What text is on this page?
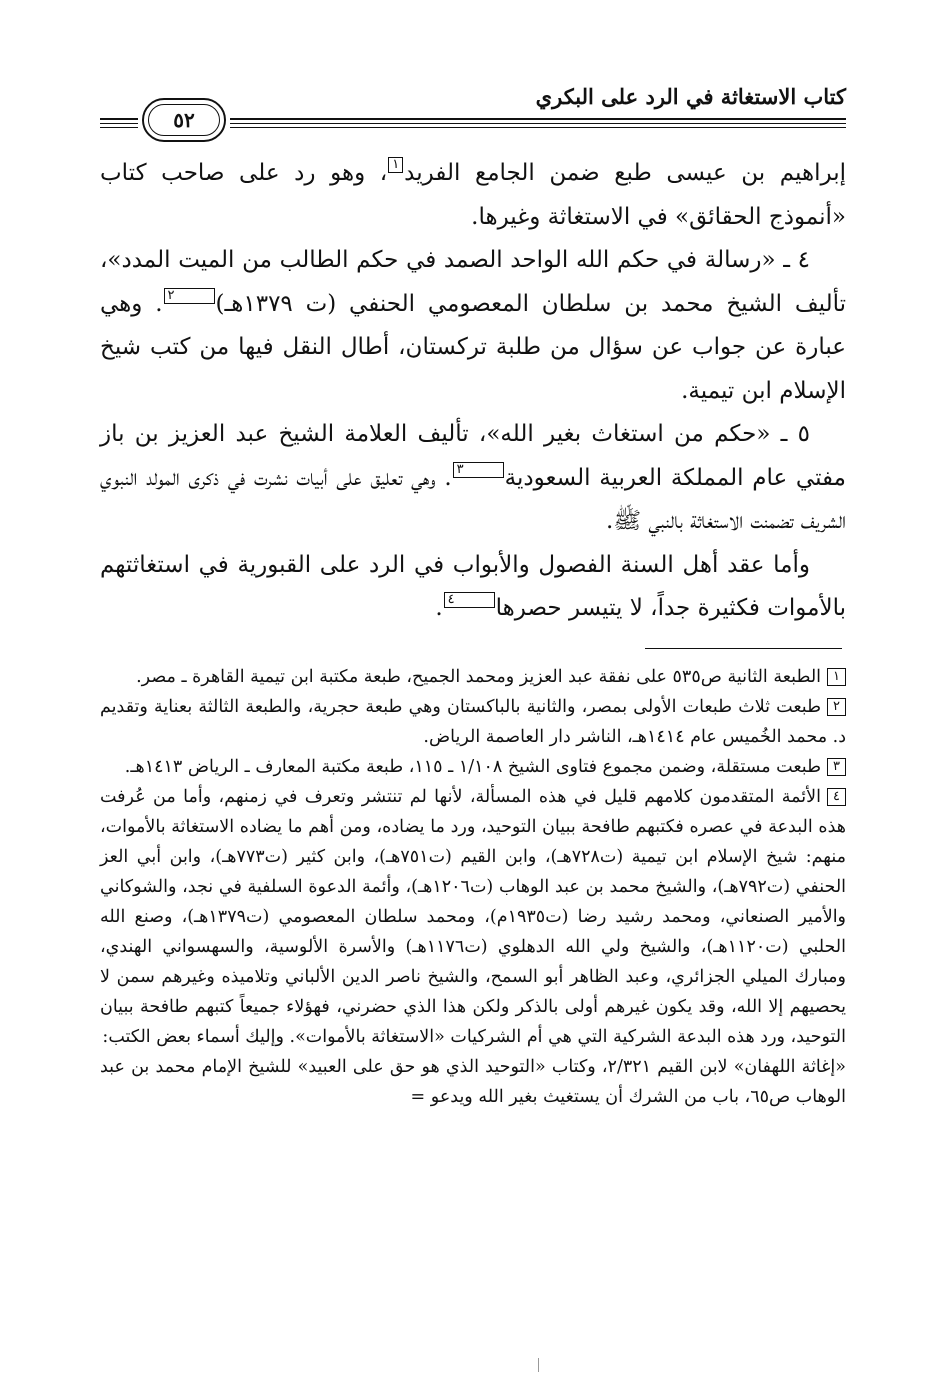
كتاب الاستغاثة في الرد على البكري
٥٢

إبراهيم بن عيسى طبع ضمن الجامع الفريد١، وهو رد على صاحب كتاب «أنموذج الحقائق» في الاستغاثة وغيرها.

٤ ـ «رسالة في حكم الله الواحد الصمد في حكم الطالب من الميت المدد»، تأليف الشيخ محمد بن سلطان المعصومي الحنفي (ت ١٣٧٩هـ)٢. وهي عبارة عن جواب عن سؤال من طلبة تركستان، أطال النقل فيها من كتب شيخ الإسلام ابن تيمية.

٥ ـ «حكم من استغاث بغير الله»، تأليف العلامة الشيخ عبد العزيز بن باز مفتي عام المملكة العربية السعودية٣. وهي تعليق على أبيات نشرت في ذكرى المولد النبوي الشريف تضمنت الاستغاثة بالنبي ﷺ.

وأما عقد أهل السنة الفصول والأبواب في الرد على القبورية في استغاثتهم بالأموات فكثيرة جداً، لا يتيسر حصرها٤.

١الطبعة الثانية ص٥٣٥ على نفقة عبد العزيز ومحمد الجميح، طبعة مكتبة ابن تيمية القاهرة ـ مصر.

٢طبعت ثلاث طبعات الأولى بمصر، والثانية بالباكستان وهي طبعة حجرية، والطبعة الثالثة بعناية وتقديم د. محمد الخُميس عام ١٤١٤هـ، الناشر دار العاصمة الرياض.

٣طبعت مستقلة، وضمن مجموع فتاوى الشيخ ١/١٠٨ ـ ١١٥، طبعة مكتبة المعارف ـ الرياض ١٤١٣هـ.

٤الأئمة المتقدمون كلامهم قليل في هذه المسألة، لأنها لم تنتشر وتعرف في زمنهم، وأما من عُرفت هذه البدعة في عصره فكتبهم طافحة ببيان التوحيد، ورد ما يضاده، ومن أهم ما يضاده الاستغاثة بالأموات، منهم: شيخ الإسلام ابن تيمية (ت٧٢٨هـ)، وابن القيم (ت٧٥١هـ)، وابن كثير (ت٧٧٣هـ)، وابن أبي العز الحنفي (ت٧٩٢هـ)، والشيخ محمد بن عبد الوهاب (ت١٢٠٦هـ)، وأئمة الدعوة السلفية في نجد، والشوكاني والأمير الصنعاني، ومحمد رشيد رضا (ت١٩٣٥م)، ومحمد سلطان المعصومي (ت١٣٧٩هـ)، وصنع الله الحلبي (ت١١٢٠هـ)، والشيخ ولي الله الدهلوي (ت١١٧٦هـ) والأسرة الألوسية، والسهسواني الهندي، ومبارك الميلي الجزائري، وعبد الظاهر أبو السمح، والشيخ ناصر الدين الألباني وتلاميذه وغيرهم سمن لا يحصيهم إلا الله، وقد يكون غيرهم أولى بالذكر ولكن هذا الذي حضرني، فهؤلاء جميعاً كتبهم طافحة ببيان التوحيد، ورد هذه البدعة الشركية التي هي أم الشركيات «الاستغاثة بالأموات». وإليك أسماء بعض الكتب:

«إغاثة اللهفان» لابن القيم ٢/٣٢١، وكتاب «التوحيد الذي هو حق على العبيد» للشيخ الإمام محمد بن عبد الوهاب ص٦٥، باب من الشرك أن يستغيث بغير الله ويدعو =
